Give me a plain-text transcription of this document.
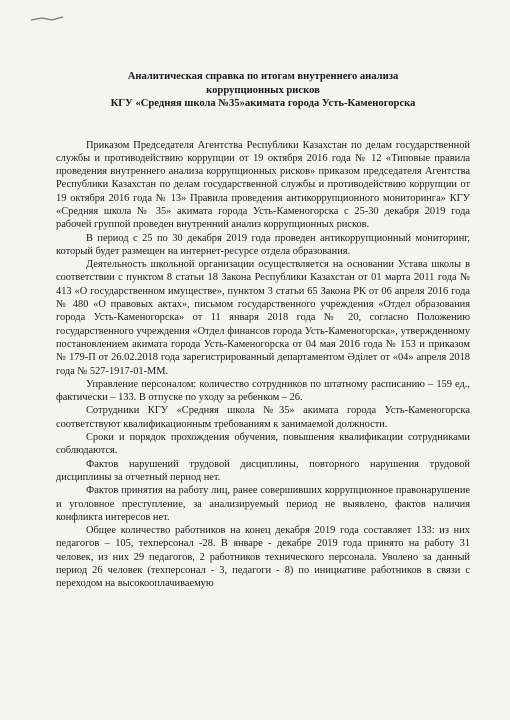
Аналитическая справка по итогам внутреннего анализа
коррупционных рисков
КГУ «Средняя школа №35»акимата города Усть-Каменогорска

Приказом Председателя Агентства Республики Казахстан по делам государственной службы и противодействию коррупции от 19 октября 2016 года № 12 «Типовые правила проведения внутреннего анализа коррупционных рисков» приказом председателя Агентства Республики Казахстан по делам государственной службы и противодействию коррупции от 19 октября 2016 года № 13» Правила проведения антикоррупционного мониторинга» КГУ «Средняя школа № 35» акимата города Усть-Каменогорска с 25-30 декабря 2019 года рабочей группой проведен внутренний анализ коррупционных рисков.

В период с 25 по 30 декабря 2019 года проведен антикоррупционный мониторинг, который будет размещен на интернет-ресурсе отдела образования.

Деятельность школьной организации осуществляется на основании Устава школы в соответствии с пунктом 8 статьи 18 Закона Республики Казахстан от 01 марта 2011 года № 413 «О государственном имуществе», пунктом 3 статьи 65 Закона РК от 06 апреля 2016 года № 480 «О правовых актах», письмом государственного учреждения «Отдел образования города Усть-Каменогорска» от 11 января 2018 года № 20, согласно Положению государственного учреждения «Отдел финансов города Усть-Каменогорска», утвержденному постановлением акимата города Усть-Каменогорска от 04 мая 2016 года № 153 и приказом № 179-П от 26.02.2018 года зарегистрированный департаментом Әділет от «04» апреля 2018 года № 527-1917-01-ММ.

Управление персоналом: количество сотрудников по штатному расписанию – 159 ед., фактически – 133. В отпуске по уходу за ребенком – 26.

Сотрудники КГУ «Средняя школа №35» акимата города Усть-Каменогорска соответствуют квалификационным требованиям к занимаемой должности.

Сроки и порядок прохождения обучения, повышения квалификации сотрудниками соблюдаются.

Фактов нарушений трудовой дисциплины, повторного нарушения трудовой дисциплины за отчетный период нет.

Фактов принятия на работу лиц, ранее совершивших коррупционное правонарушение и уголовное преступление, за анализируемый период не выявлено, фактов наличия конфликта интересов нет.

Общее количество работников на конец декабря 2019 года составляет 133: из них педагогов – 105, техперсонал -28. В январе - декабре 2019 года принято на работу 31 человек, из них 29 педагогов, 2 работников технического персонала. Уволено за данный период 26 человек (техперсонал - 3, педагоги - 8) по инициативе работников в связи с переходом на высокооплачиваемую
